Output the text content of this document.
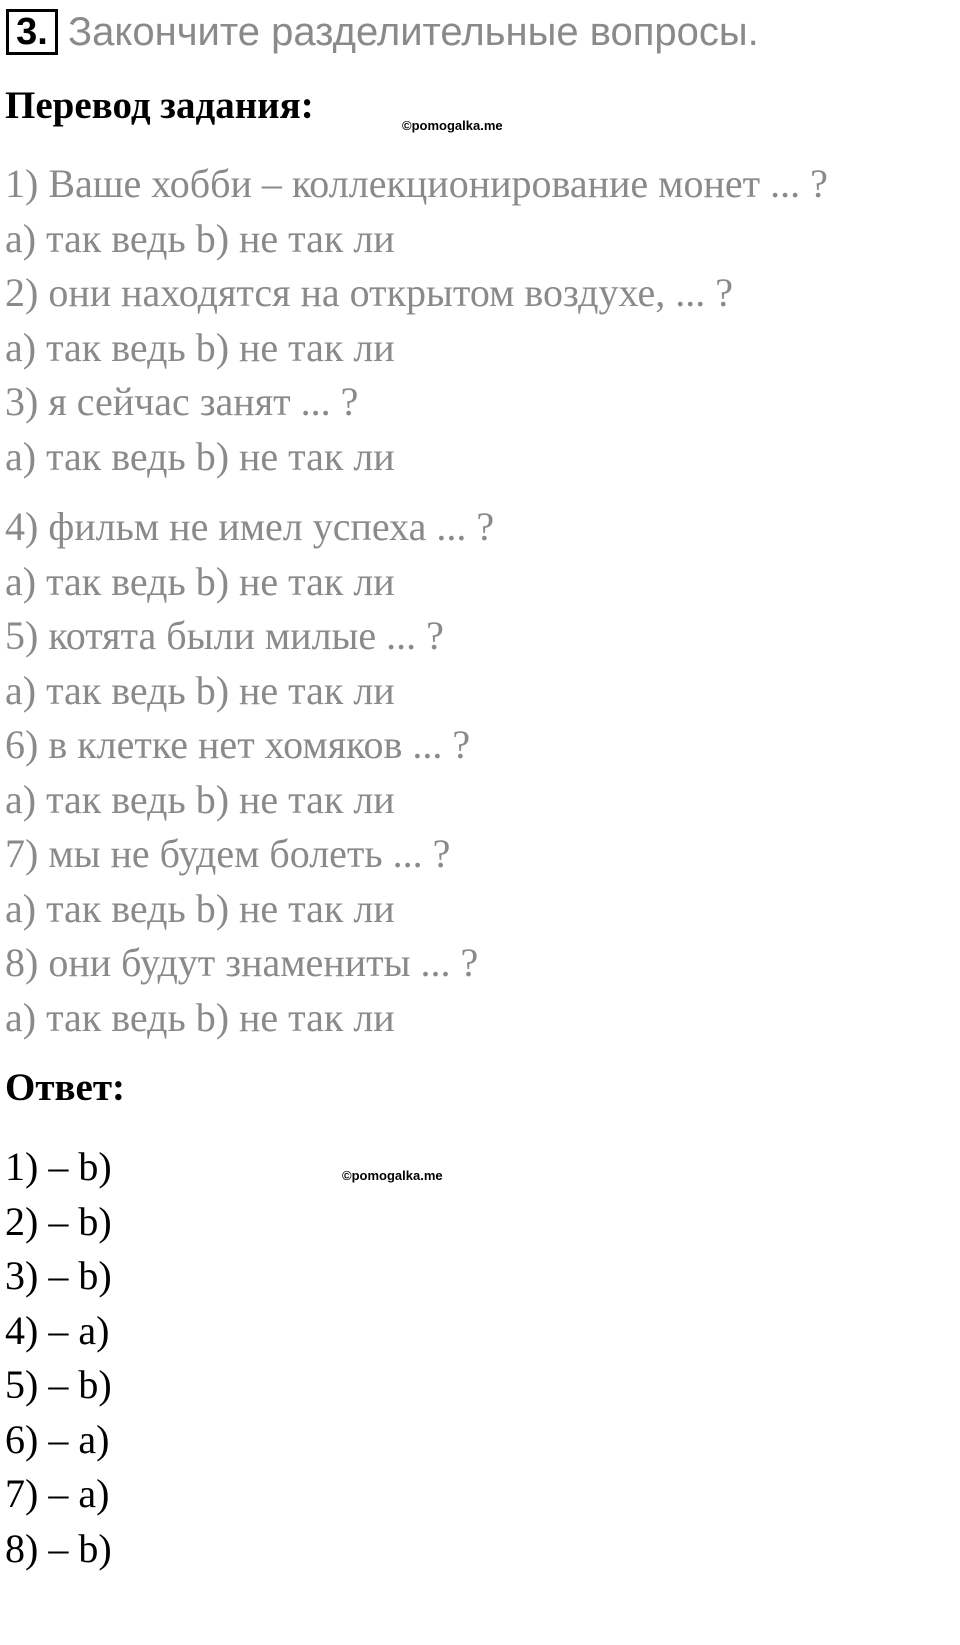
3. Закончите разделительные вопросы.
Перевод задания:	©pomogalka.me
1) Ваше хобби – коллекционирование монет ... ?
a) так ведь b) не так ли
2) они находятся на открытом воздухе, ... ?
a) так ведь b) не так ли
3) я сейчас занят ... ?
a) так ведь b) не так ли
4) фильм не имел успеха ... ?
a) так ведь b) не так ли
5) котята были милые ... ?
a) так ведь b) не так ли
6) в клетке нет хомяков ... ?
a) так ведь b) не так ли
7) мы не будем болеть ... ?
a) так ведь b) не так ли
8) они будут знамениты ... ?
a) так ведь b) не так ли
Ответ:
©pomogalka.me
1) – b)
2) – b)
3) – b)
4) – a)
5) – b)
6) – a)
7) – a)
8) – b)
